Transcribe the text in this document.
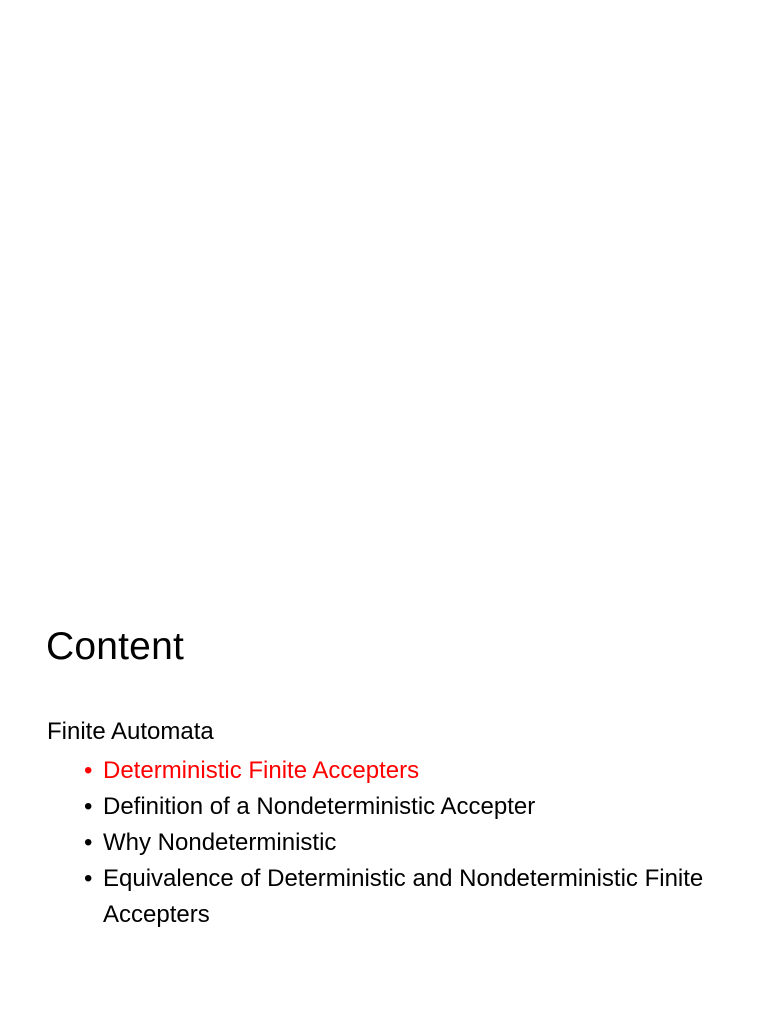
Content

Finite Automata

• Deterministic Finite Accepters
• Definition of a Nondeterministic Accepter
• Why Nondeterministic
• Equivalence of Deterministic and Nondeterministic Finite Accepters
